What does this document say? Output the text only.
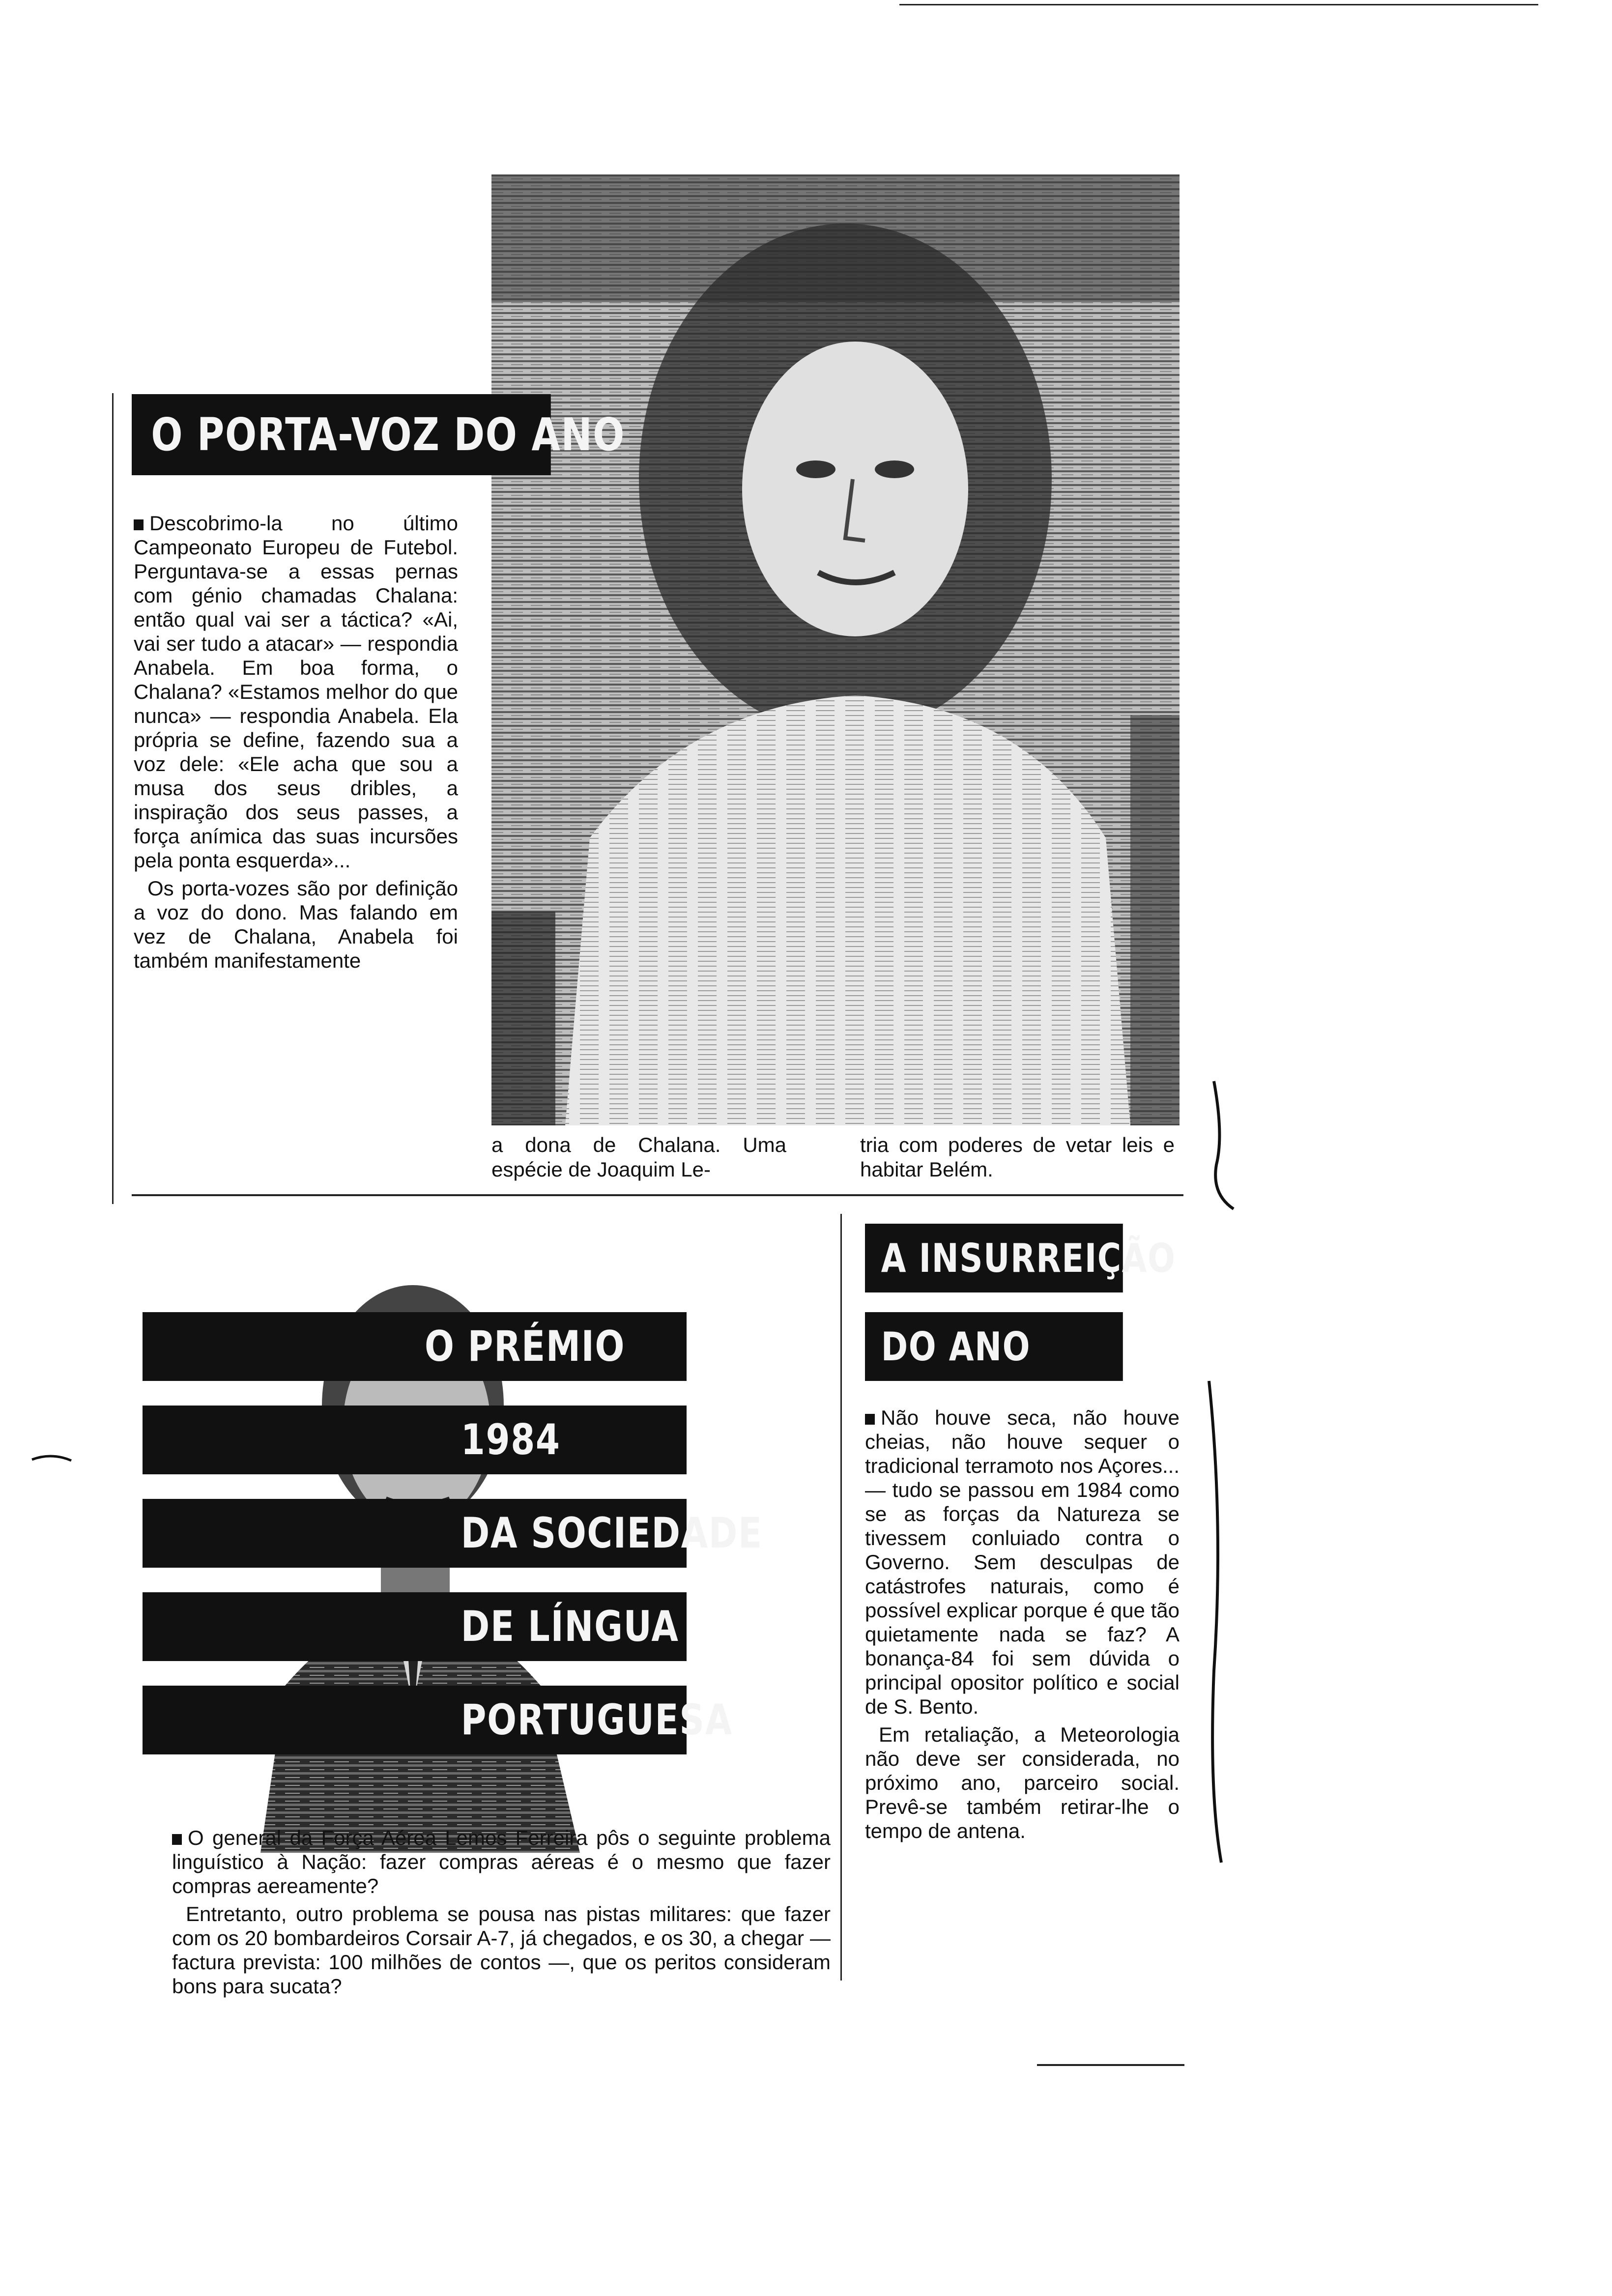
O PORTA-VOZ DO ANO

Descobrimo-la no último Campeonato Europeu de Futebol. Perguntava-se a essas pernas com génio chamadas Chalana: então qual vai ser a táctica? «Ai, vai ser tudo a atacar» — respondia Anabela. Em boa forma, o Chalana? «Estamos melhor do que nunca» — respondia Anabela. Ela própria se define, fazendo sua a voz dele: «Ele acha que sou a musa dos seus dribles, a inspiração dos seus passes, a força anímica das suas incursões pela ponta esquerda»...

Os porta-vozes são por definição a voz do dono. Mas falando em vez de Chalana, Anabela foi também manifestamente

a dona de Chalana. Uma espécie de Joaquim Le-
tria com poderes de vetar leis e habitar Belém.
O PRÉMIO
1984
DA SOCIEDADE
DE LÍNGUA
PORTUGUESA

O general da Força Aérea Lemos Ferreira pôs o seguinte problema linguístico à Nação: fazer compras aéreas é o mesmo que fazer compras aereamente?

Entretanto, outro problema se pousa nas pistas militares: que fazer com os 20 bombardeiros Corsair A-7, já chegados, e os 30, a chegar — factura prevista: 100 milhões de contos —, que os peritos consideram bons para sucata?

A INSURREIÇÃO
DO ANO

Não houve seca, não houve cheias, não houve sequer o tradicional terramoto nos Açores... — tudo se passou em 1984 como se as forças da Natureza se tivessem conluiado contra o Governo. Sem desculpas de catástrofes naturais, como é possível explicar porque é que tão quietamente nada se faz? A bonança-84 foi sem dúvida o principal opositor político e social de S. Bento.

Em retaliação, a Meteorologia não deve ser considerada, no próximo ano, parceiro social. Prevê-se também retirar-lhe o tempo de antena.
